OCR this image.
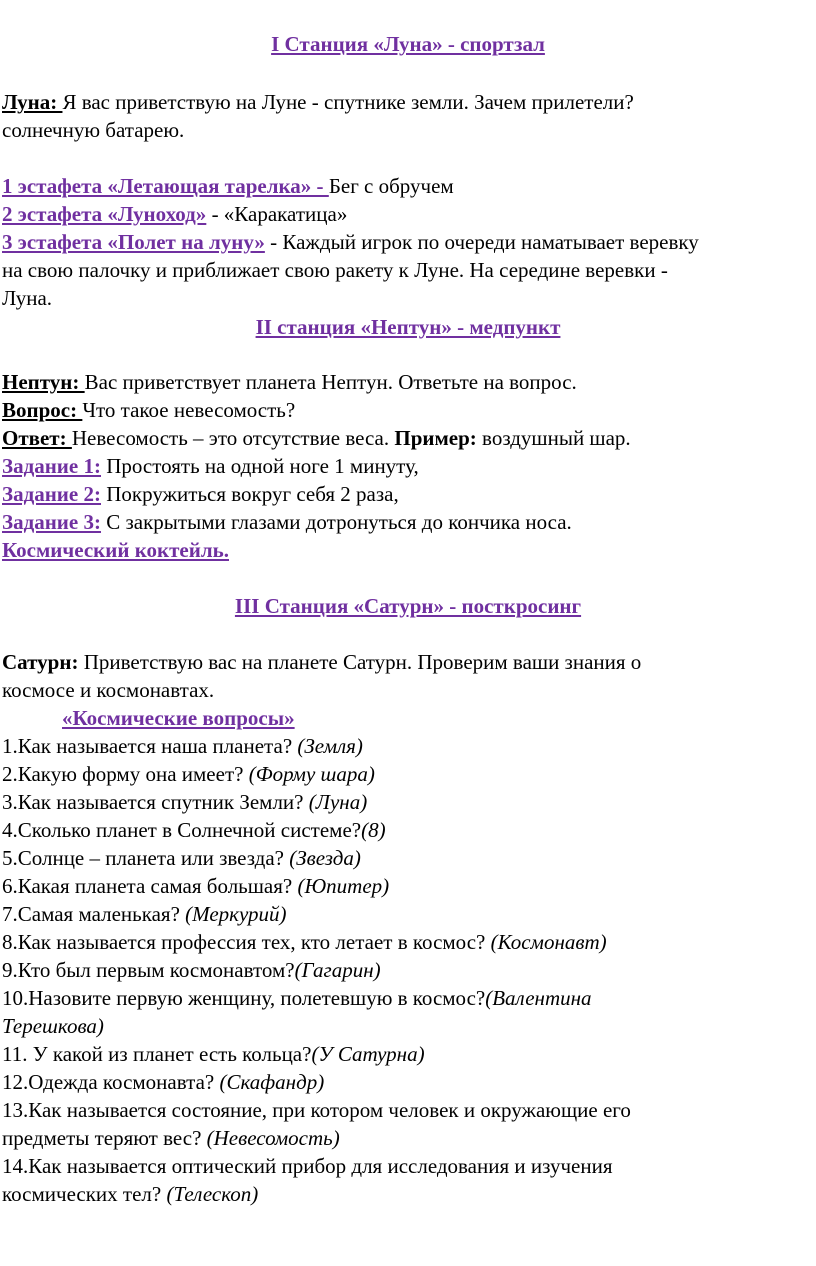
I Станция «Луна» - спортзал
Луна: Я вас приветствую на Луне - спутнике земли. Зачем прилетели?
солнечную батарею.
1 эстафета «Летающая тарелка» - Бег с обручем
2 эстафета «Луноход» - «Каракатица»
3 эстафета «Полет на луну» - Каждый игрок по очереди наматывает веревку
на свою палочку и приближает свою ракету к Луне. На середине веревки -
Луна.
II станция «Нептун» - медпункт
Нептун: Вас приветствует планета Нептун. Ответьте на вопрос.
Вопрос: Что такое невесомость?
Ответ: Невесомость – это отсутствие веса. Пример: воздушный шар.
Задание 1: Простоять на одной ноге 1 минуту,
Задание 2: Покружиться вокруг себя 2 раза,
Задание 3: С закрытыми глазами дотронуться до кончика носа.
Космический коктейль.
III Станция «Сатурн» - посткросинг
Сатурн: Приветствую вас на планете Сатурн. Проверим ваши знания о
космосе и космонавтах.
«Космические вопросы»
1.Как называется наша планета? (Земля)
2.Какую форму она имеет? (Форму шара)
3.Как называется спутник Земли? (Луна)
4.Сколько планет в Солнечной системе?(8)
5.Солнце – планета или звезда? (Звезда)
6.Какая планета самая большая? (Юпитер)
7.Самая маленькая? (Меркурий)
8.Как называется профессия тех, кто летает в космос? (Космонавт)
9.Кто был первым космонавтом?(Гагарин)
10.Назовите первую женщину, полетевшую в космос?(Валентина
Терешкова)
11. У какой из планет есть кольца?(У Сатурна)
12.Одежда космонавта? (Скафандр)
13.Как называется состояние, при котором человек и окружающие его
предметы теряют вес? (Невесомость)
14.Как называется оптический прибор для исследования и изучения
космических тел? (Телескоп)
